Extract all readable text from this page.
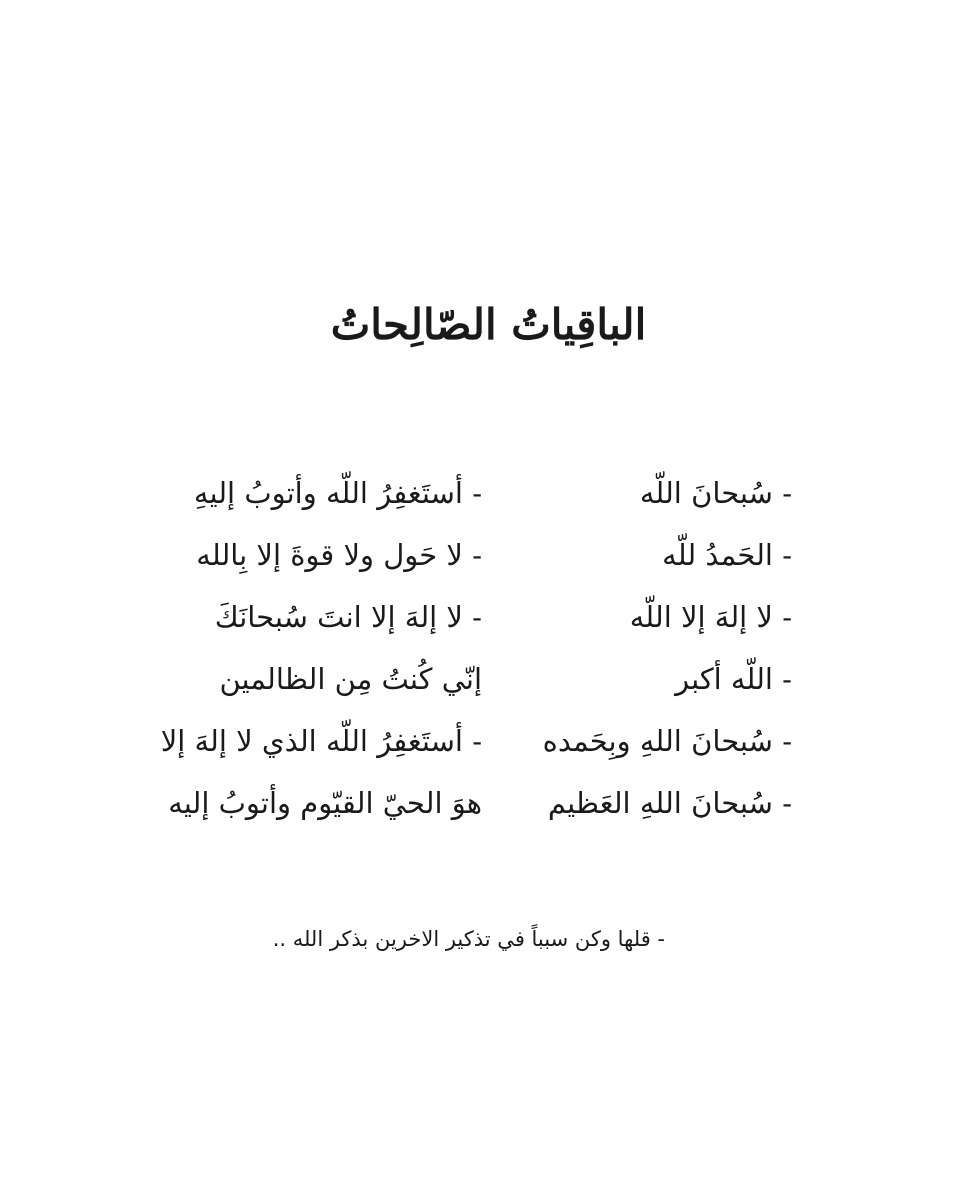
الباقِياتُ الصّالِحاتُ
- سُبحانَ اللّه
- الحَمدُ للّه
- لا إلهَ إلا اللّه
- اللّه أكبر
- سُبحانَ اللهِ وبِحَمده
- سُبحانَ اللهِ العَظيم
- أستَغفِرُ اللّه وأتوبُ إليهِ
- لا حَول ولا قوةَ إلا بِالله
- لا إلهَ إلا انتَ سُبحانَكَ
إنّي كُنتُ مِن الظالمين
- أستَغفِرُ اللّه الذي لا إلهَ إلا
هوَ الحيّ القيّوم وأتوبُ إليه
- قلها وكن سبباً في تذكير الاخرين بذكر الله ..
